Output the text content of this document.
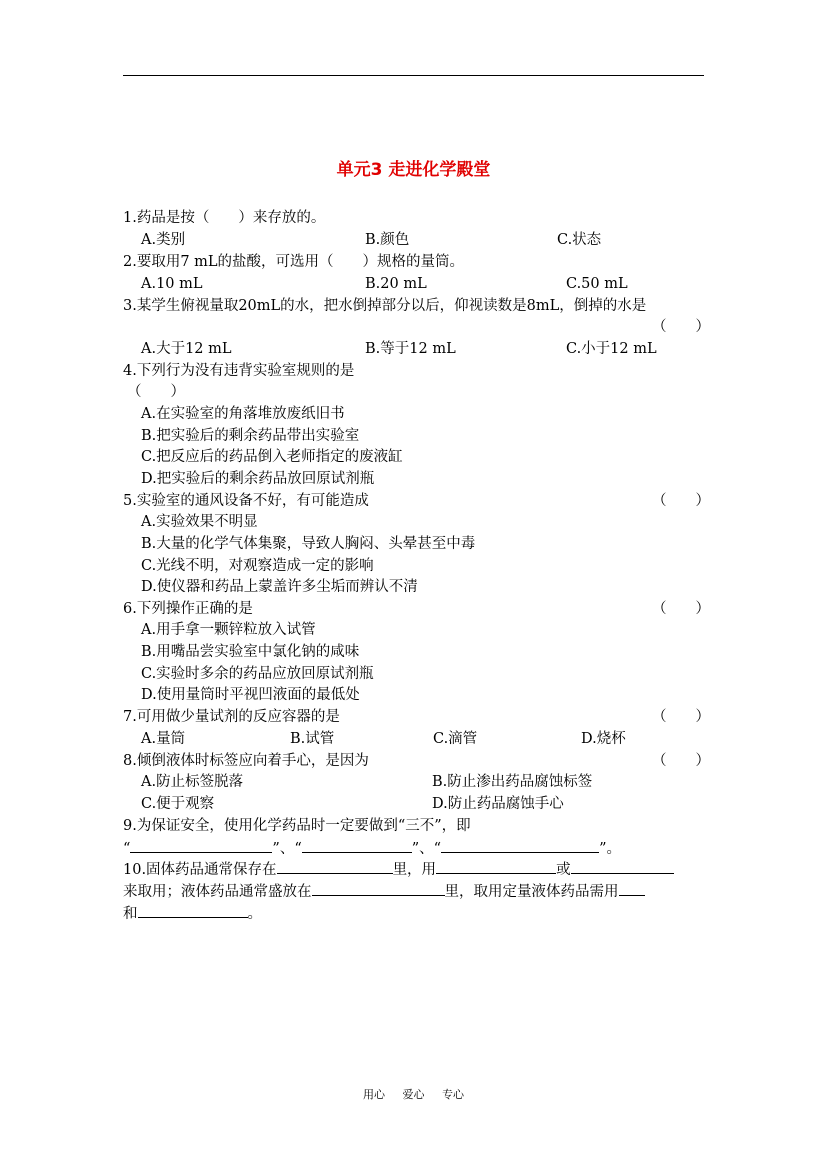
单元3 走进化学殿堂
1.药品是按（　　）来存放的。
A.类别	B.颜色	C.状态
2.要取用7 mL的盐酸，可选用（　　）规格的量筒。
A.10 mL	B.20 mL	C.50 mL
3.某学生俯视量取20mL的水，把水倒掉部分以后，仰视读数是8mL，倒掉的水是
（　　）
A.大于12 mL	B.等于12 mL	C.小于12 mL
4.下列行为没有违背实验室规则的是
（　　）
A.在实验室的角落堆放废纸旧书
B.把实验后的剩余药品带出实验室
C.把反应后的药品倒入老师指定的废液缸
D.把实验后的剩余药品放回原试剂瓶
5.实验室的通风设备不好，有可能造成	（　　）
A.实验效果不明显
B.大量的化学气体集聚，导致人胸闷、头晕甚至中毒
C.光线不明，对观察造成一定的影响
D.使仪器和药品上蒙盖许多尘垢而辨认不清
6.下列操作正确的是	（　　）
A.用手拿一颗锌粒放入试管
B.用嘴品尝实验室中氯化钠的咸味
C.实验时多余的药品应放回原试剂瓶
D.使用量筒时平视凹液面的最低处
7.可用做少量试剂的反应容器的是	（　　）
A.量筒	B.试管	C.滴管	D.烧杯
8.倾倒液体时标签应向着手心，是因为	（　　）
A.防止标签脱落	B.防止渗出药品腐蚀标签
C.便于观察	D.防止药品腐蚀手心
9.为保证安全，使用化学药品时一定要做到“三不”，即
“	”、“	”、“	”。
10.固体药品通常保存在	里，用	或
来取用；液体药品通常盛放在	里，取用定量液体药品需用
和	。
用心 爱心 专心
